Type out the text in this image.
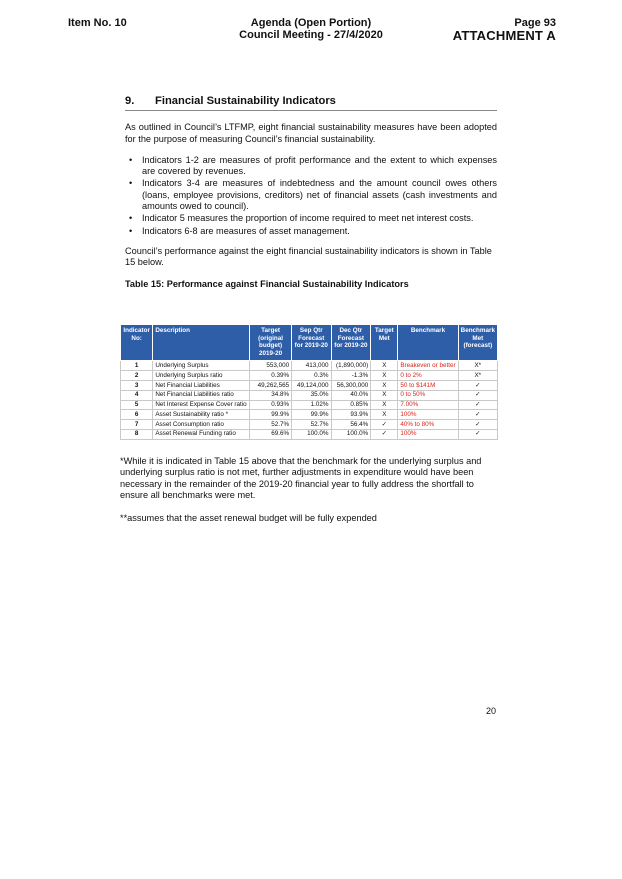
Item No. 10	Agenda (Open Portion)
Council Meeting - 27/4/2020
Page 93
ATTACHMENT A
9.	Financial Sustainability Indicators

As outlined in Council’s LTFMP, eight financial sustainability measures have been adopted for the purpose of measuring Council’s financial sustainability.

• Indicators 1-2 are measures of profit performance and the extent to which expenses are covered by revenues.
• Indicators 3-4 are measures of indebtedness and the amount council owes others (loans, employee provisions, creditors) net of financial assets (cash investments and amounts owed to council).
• Indicator 5 measures the proportion of income required to meet net interest costs.
• Indicators 6-8 are measures of asset management.

Council’s performance against the eight financial sustainability indicators is shown in Table 15 below.

Table 15: Performance against Financial Sustainability Indicators

Indicator No:	Description	Target (original budget) 2019-20	Sep Qtr Forecast for 2019-20	Dec Qtr Forecast for 2019-20	Target Met	Benchmark	Benchmark Met (forecast)
1	Underlying Surplus	553,000	413,000	(1,890,000)	X	Breakeven or better	X*
2	Underlying Surplus ratio	0.39%	0.3%	-1.3%	X	0 to 2%	X*
3	Net Financial Liabilities	49,262,565	49,124,000	56,300,000	X	50 to $141M	✓
4	Net Financial Liabilities ratio	34.8%	35.0%	40.0%	X	0 to 50%	✓
5	Net Interest Expense Cover ratio	0.93%	1.02%	0.85%	X	7.00%	✓
6	Asset Sustainability ratio *	99.9%	99.9%	93.9%	X	100%	✓
7	Asset Consumption ratio	52.7%	52.7%	56.4%	✓	40% to 80%	✓
8	Asset Renewal Funding ratio	69.6%	100.0%	100.0%	✓	100%	✓

*While it is indicated in Table 15 above that the benchmark for the underlying surplus and underlying surplus ratio is not met, further adjustments in expenditure would have been necessary in the remainder of the 2019-20 financial year to fully address the shortfall to ensure all benchmarks were met.

**assumes that the asset renewal budget will be fully expended

20
